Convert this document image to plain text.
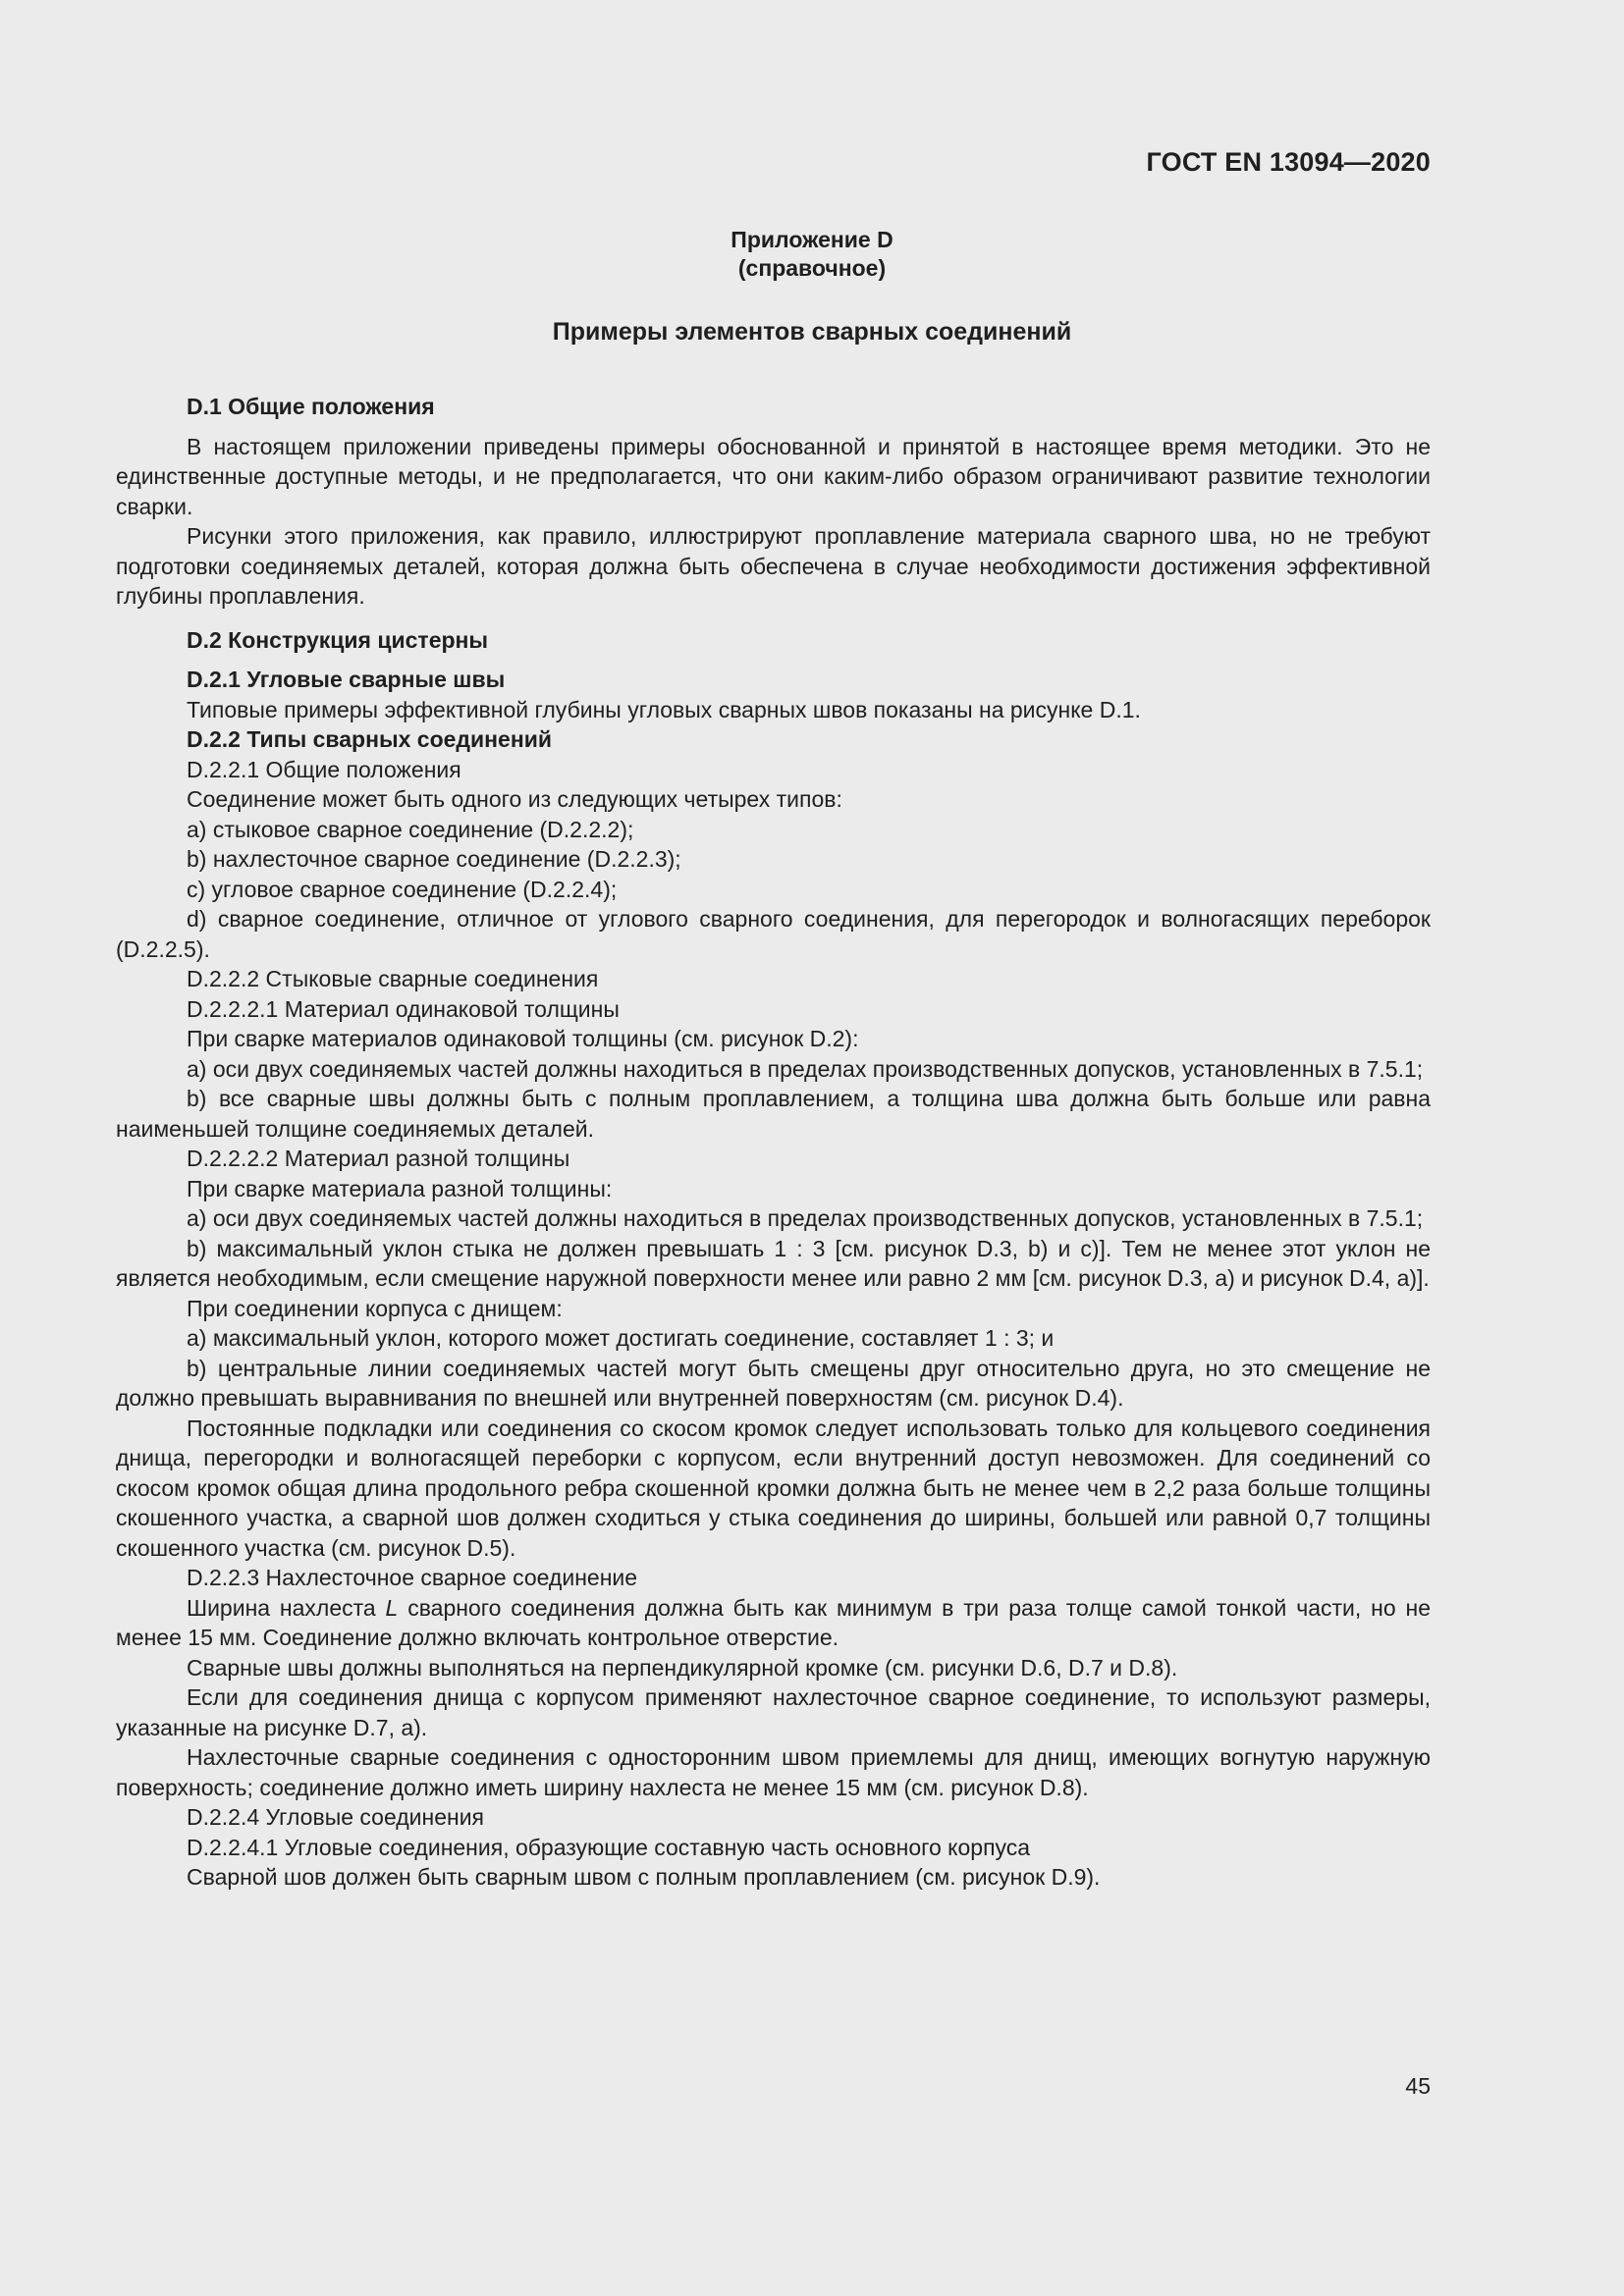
ГОСТ EN 13094—2020
Приложение D
(справочное)
Примеры элементов сварных соединений

D.1 Общие положения

В настоящем приложении приведены примеры обоснованной и принятой в настоящее время методики. Это не единственные доступные методы, и не предполагается, что они каким-либо образом ограничивают развитие технологии сварки.

Рисунки этого приложения, как правило, иллюстрируют проплавление материала сварного шва, но не требуют подготовки соединяемых деталей, которая должна быть обеспечена в случае необходимости достижения эффективной глубины проплавления.

D.2 Конструкция цистерны

D.2.1 Угловые сварные швы

Типовые примеры эффективной глубины угловых сварных швов показаны на рисунке D.1.

D.2.2 Типы сварных соединений

D.2.2.1 Общие положения

Соединение может быть одного из следующих четырех типов:

a) стыковое сварное соединение (D.2.2.2);

b) нахлесточное сварное соединение (D.2.2.3);

c) угловое сварное соединение (D.2.2.4);

d) сварное соединение, отличное от углового сварного соединения, для перегородок и волногасящих переборок (D.2.2.5).

D.2.2.2 Стыковые сварные соединения

D.2.2.2.1 Материал одинаковой толщины

При сварке материалов одинаковой толщины (см. рисунок D.2):

a) оси двух соединяемых частей должны находиться в пределах производственных допусков, установленных в 7.5.1;

b) все сварные швы должны быть с полным проплавлением, а толщина шва должна быть больше или равна наименьшей толщине соединяемых деталей.

D.2.2.2.2 Материал разной толщины

При сварке материала разной толщины:

a) оси двух соединяемых частей должны находиться в пределах производственных допусков, установленных в 7.5.1;

b) максимальный уклон стыка не должен превышать 1 : 3 [см. рисунок D.3, b) и c)]. Тем не менее этот уклон не является необходимым, если смещение наружной поверхности менее или равно 2 мм [см. рисунок D.3, a) и рисунок D.4, a)].

При соединении корпуса с днищем:

a) максимальный уклон, которого может достигать соединение, составляет 1 : 3; и

b) центральные линии соединяемых частей могут быть смещены друг относительно друга, но это смещение не должно превышать выравнивания по внешней или внутренней поверхностям (см. рисунок D.4).

Постоянные подкладки или соединения со скосом кромок следует использовать только для кольцевого соединения днища, перегородки и волногасящей переборки с корпусом, если внутренний доступ невозможен. Для соединений со скосом кромок общая длина продольного ребра скошенной кромки должна быть не менее чем в 2,2 раза больше толщины скошенного участка, а сварной шов должен сходиться у стыка соединения до ширины, большей или равной 0,7 толщины скошенного участка (см. рисунок D.5).

D.2.2.3 Нахлесточное сварное соединение

Ширина нахлеста L сварного соединения должна быть как минимум в три раза толще самой тонкой части, но не менее 15 мм. Соединение должно включать контрольное отверстие.

Сварные швы должны выполняться на перпендикулярной кромке (см. рисунки D.6, D.7 и D.8).

Если для соединения днища с корпусом применяют нахлесточное сварное соединение, то используют размеры, указанные на рисунке D.7, a).

Нахлесточные сварные соединения с односторонним швом приемлемы для днищ, имеющих вогнутую наружную поверхность; соединение должно иметь ширину нахлеста не менее 15 мм (см. рисунок D.8).

D.2.2.4 Угловые соединения

D.2.2.4.1 Угловые соединения, образующие составную часть основного корпуса

Сварной шов должен быть сварным швом с полным проплавлением (см. рисунок D.9).

45
